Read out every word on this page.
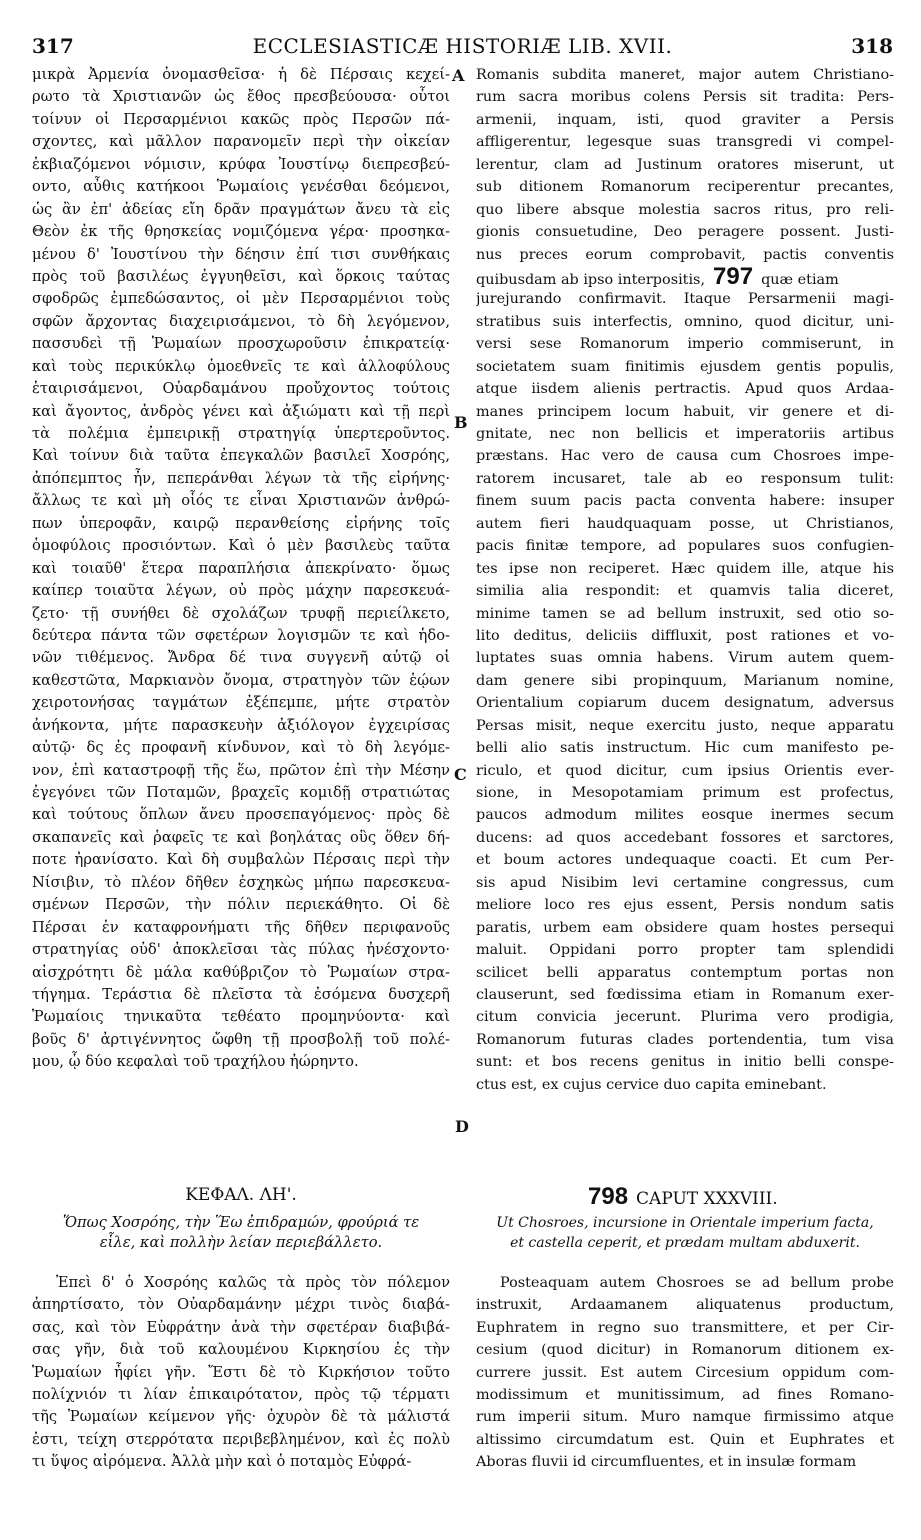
317	ECCLESIASTICÆ HISTORIÆ LIB. XVII.	318
μικρὰ Ἀρμενία ὀνομασθεῖσα· ἡ δὲ Πέρσαις κεχεί-
ρωτο τὰ Χριστιανῶν ὡς ἔθος πρεσβεύουσα· οὗτοι
τοίνυν οἱ Περσαρμένιοι κακῶς πρὸς Περσῶν πά-
σχοντες, καὶ μᾶλλον παρανομεῖν περὶ τὴν οἰκείαν
ἐκβιαζόμενοι νόμισιν, κρύφα Ἰουστίνῳ διεπρεσβεύ-
οντο, αὖθις κατήκοοι Ῥωμαίοις γενέσθαι δεόμενοι,
ὡς ἂν ἐπ' ἀδείας εἴη δρᾶν πραγμάτων ἄνευ τὰ εἰς
Θεὸν ἐκ τῆς θρησκείας νομιζόμενα γέρα· προσηκα-
μένου δ' Ἰουστίνου τὴν δέησιν ἐπί τισι συνθήκαις
πρὸς τοῦ βασιλέως ἐγγυηθεῖσι, καὶ ὅρκοις ταύτας
σφοδρῶς ἐμπεδώσαντος, οἱ μὲν Περσαρμένιοι τοὺς
σφῶν ἄρχοντας διαχειρισάμενοι, τὸ δὴ λεγόμενον,
πασσυδεὶ τῇ Ῥωμαίων προσχωροῦσιν ἐπικρατείᾳ·
καὶ τοὺς περικύκλῳ ὁμοεθνεῖς τε καὶ ἀλλοφύλους
ἑταιρισάμενοι, Οὐαρδαμάνου προὔχοντος τούτοις
καὶ ἄγοντος, ἀνδρὸς γένει καὶ ἀξιώματι καὶ τῇ περὶ
τὰ πολέμια ἐμπειρικῇ στρατηγίᾳ ὑπερτεροῦντος.
Καὶ τοίνυν διὰ ταῦτα ἐπεγκαλῶν βασιλεῖ Χοσρόης,
ἀπόπεμπτος ἦν, πεπεράνθαι λέγων τὰ τῆς εἰρήνης·
ἄλλως τε καὶ μὴ οἷός τε εἶναι Χριστιανῶν ἀνθρώ-
πων ὑπεροφᾶν, καιρῷ περανθείσης εἰρήνης τοῖς
ὁμοφύλοις προσιόντων. Καὶ ὁ μὲν βασιλεὺς ταῦτα
καὶ τοιαῦθ' ἕτερα παραπλήσια ἀπεκρίνατο· ὅμως
καίπερ τοιαῦτα λέγων, οὐ πρὸς μάχην παρεσκευά-
ζετο· τῇ συνήθει δὲ σχολάζων τρυφῇ περιείλκετο,
δεύτερα πάντα τῶν σφετέρων λογισμῶν τε καὶ ἡδο-
νῶν τιθέμενος. Ἄνδρα δέ τινα συγγενῆ αὐτῷ οἱ
καθεστῶτα, Μαρκιανὸν ὄνομα, στρατηγὸν τῶν ἑῴων
χειροτονήσας ταγμάτων ἐξέπεμπε, μήτε στρατὸν
ἀνήκοντα, μήτε παρασκευὴν ἀξιόλογον ἐγχειρίσας
αὐτῷ· δς ἐς προφανῆ κίνδυνον, καὶ τὸ δὴ λεγόμε-
νον, ἐπὶ καταστροφῇ τῆς ἕω, πρῶτον ἐπὶ τὴν Μέσην
ἐγεγόνει τῶν Ποταμῶν, βραχεῖς κομιδῇ στρατιώτας
καὶ τούτους ὅπλων ἄνευ προσεπαγόμενος· πρὸς δὲ
σκαπανεῖς καὶ ῥαφεῖς τε καὶ βοηλάτας οὓς ὅθεν δή-
ποτε ἠρανίσατο. Καὶ δὴ συμβαλὼν Πέρσαις περὶ τὴν
Νίσιβιν, τὸ πλέον δῆθεν ἐσχηκὼς μήπω παρεσκευα-
σμένων Περσῶν, τὴν πόλιν περιεκάθητο. Οἱ δὲ
Πέρσαι ἐν καταφρονήματι τῆς δῆθεν περιφανοῦς
στρατηγίας οὐδ' ἀποκλεῖσαι τὰς πύλας ἠνέσχοντο·
αἰσχρότητι δὲ μάλα καθύβριζον τὸ Ῥωμαίων στρα-
τήγημα. Τεράστια δὲ πλεῖστα τὰ ἐσόμενα δυσχερῆ
Ῥωμαίοις τηνικαῦτα τεθέατο προμηνύοντα· καὶ
βοῦς δ' ἀρτιγέννητος ὤφθη τῇ προσβολῇ τοῦ πολέ-
μου, ᾧ δύο κεφαλαὶ τοῦ τραχήλου ἠώρηντο.
Romanis subdita maneret, major autem Christiano-
rum sacra moribus colens Persis sit tradita: Pers-
armenii, inquam, isti, quod graviter a Persis
affligerentur, legesque suas transgredi vi compel-
lerentur, clam ad Justinum oratores miserunt, ut
sub ditionem Romanorum reciperentur precantes,
quo libere absque molestia sacros ritus, pro reli-
gionis consuetudine, Deo peragere possent. Justi-
nus preces eorum comprobavit, pactis conventis
quibusdam ab ipso interpositis, 797 quæ etiam
jurejurando confirmavit. Itaque Persarmenii magi-
stratibus suis interfectis, omnino, quod dicitur, uni-
versi sese Romanorum imperio commiserunt, in
societatem suam finitimis ejusdem gentis populis,
atque iisdem alienis pertractis. Apud quos Ardaa-
manes principem locum habuit, vir genere et di-
gnitate, nec non bellicis et imperatoriis artibus
præstans. Hac vero de causa cum Chosroes impe-
ratorem incusaret, tale ab eo responsum tulit:
finem suum pacis pacta conventa habere: insuper
autem fieri haudquaquam posse, ut Christianos,
pacis finitæ tempore, ad populares suos confugien-
tes ipse non reciperet. Hæc quidem ille, atque his
similia alia respondit: et quamvis talia diceret,
minime tamen se ad bellum instruxit, sed otio so-
lito deditus, deliciis diffluxit, post rationes et vo-
luptates suas omnia habens. Virum autem quem-
dam genere sibi propinquum, Marianum nomine,
Orientalium copiarum ducem designatum, adversus
Persas misit, neque exercitu justo, neque apparatu
belli alio satis instructum. Hic cum manifesto pe-
riculo, et quod dicitur, cum ipsius Orientis ever-
sione, in Mesopotamiam primum est profectus,
paucos admodum milites eosque inermes secum
ducens: ad quos accedebant fossores et sarctores,
et boum actores undequaque coacti. Et cum Per-
sis apud Nisibim levi certamine congressus, cum
meliore loco res ejus essent, Persis nondum satis
paratis, urbem eam obsidere quam hostes persequi
maluit. Oppidani porro propter tam splendidi
scilicet belli apparatus contemptum portas non
clauserunt, sed fœdissima etiam in Romanum exer-
citum convicia jecerunt. Plurima vero prodigia,
Romanorum futuras clades portendentia, tum visa
sunt: et bos recens genitus in initio belli conspe-
ctus est, ex cujus cervice duo capita eminebant.
A
B
C
D
ΚΕΦΑΛ. ΛΗ'.
Ὅπως Χοσρόης, τὴν Ἕω ἐπιδραμών, φρούριά τε
εἷλε, καὶ πολλὴν λείαν περιεβάλλετο.
Ἐπεὶ δ' ὁ Χοσρόης καλῶς τὰ πρὸς τὸν πόλεμον
ἀπηρτίσατο, τὸν Οὐαρδαμάνην μέχρι τινὸς διαβά-
σας, καὶ τὸν Εὐφράτην ἀνὰ τὴν σφετέραν διαβιβά-
σας γῆν, διὰ τοῦ καλουμένου Κιρκησίου ἐς τὴν
Ῥωμαίων ἧφίει γῆν. Ἔστι δὲ τὸ Κιρκήσιον τοῦτο
πολίχνιόν τι λίαν ἐπικαιρότατον, πρὸς τῷ τέρματι
τῆς Ῥωμαίων κείμενον γῆς· ὀχυρὸν δὲ τὰ μάλιστά
ἐστι, τείχη στερρότατα περιβεβλημένον, καὶ ἐς πολὺ
τι ὕψος αἰρόμενα. Ἀλλὰ μὴν καὶ ὁ ποταμὸς Εὐφρά-
798 CAPUT XXXVIII.
Ut Chosroes, incursione in Orientale imperium facta,
et castella ceperit, et prædam multam abduxerit.
Posteaquam autem Chosroes se ad bellum probe
instruxit, Ardaamanem aliquatenus productum,
Euphratem in regno suo transmittere, et per Cir-
cesium (quod dicitur) in Romanorum ditionem ex-
currere jussit. Est autem Circesium oppidum com-
modissimum et munitissimum, ad fines Romano-
rum imperii situm. Muro namque firmissimo atque
altissimo circumdatum est. Quin et Euphrates et
Aboras fluvii id circumfluentes, et in insulæ formam
